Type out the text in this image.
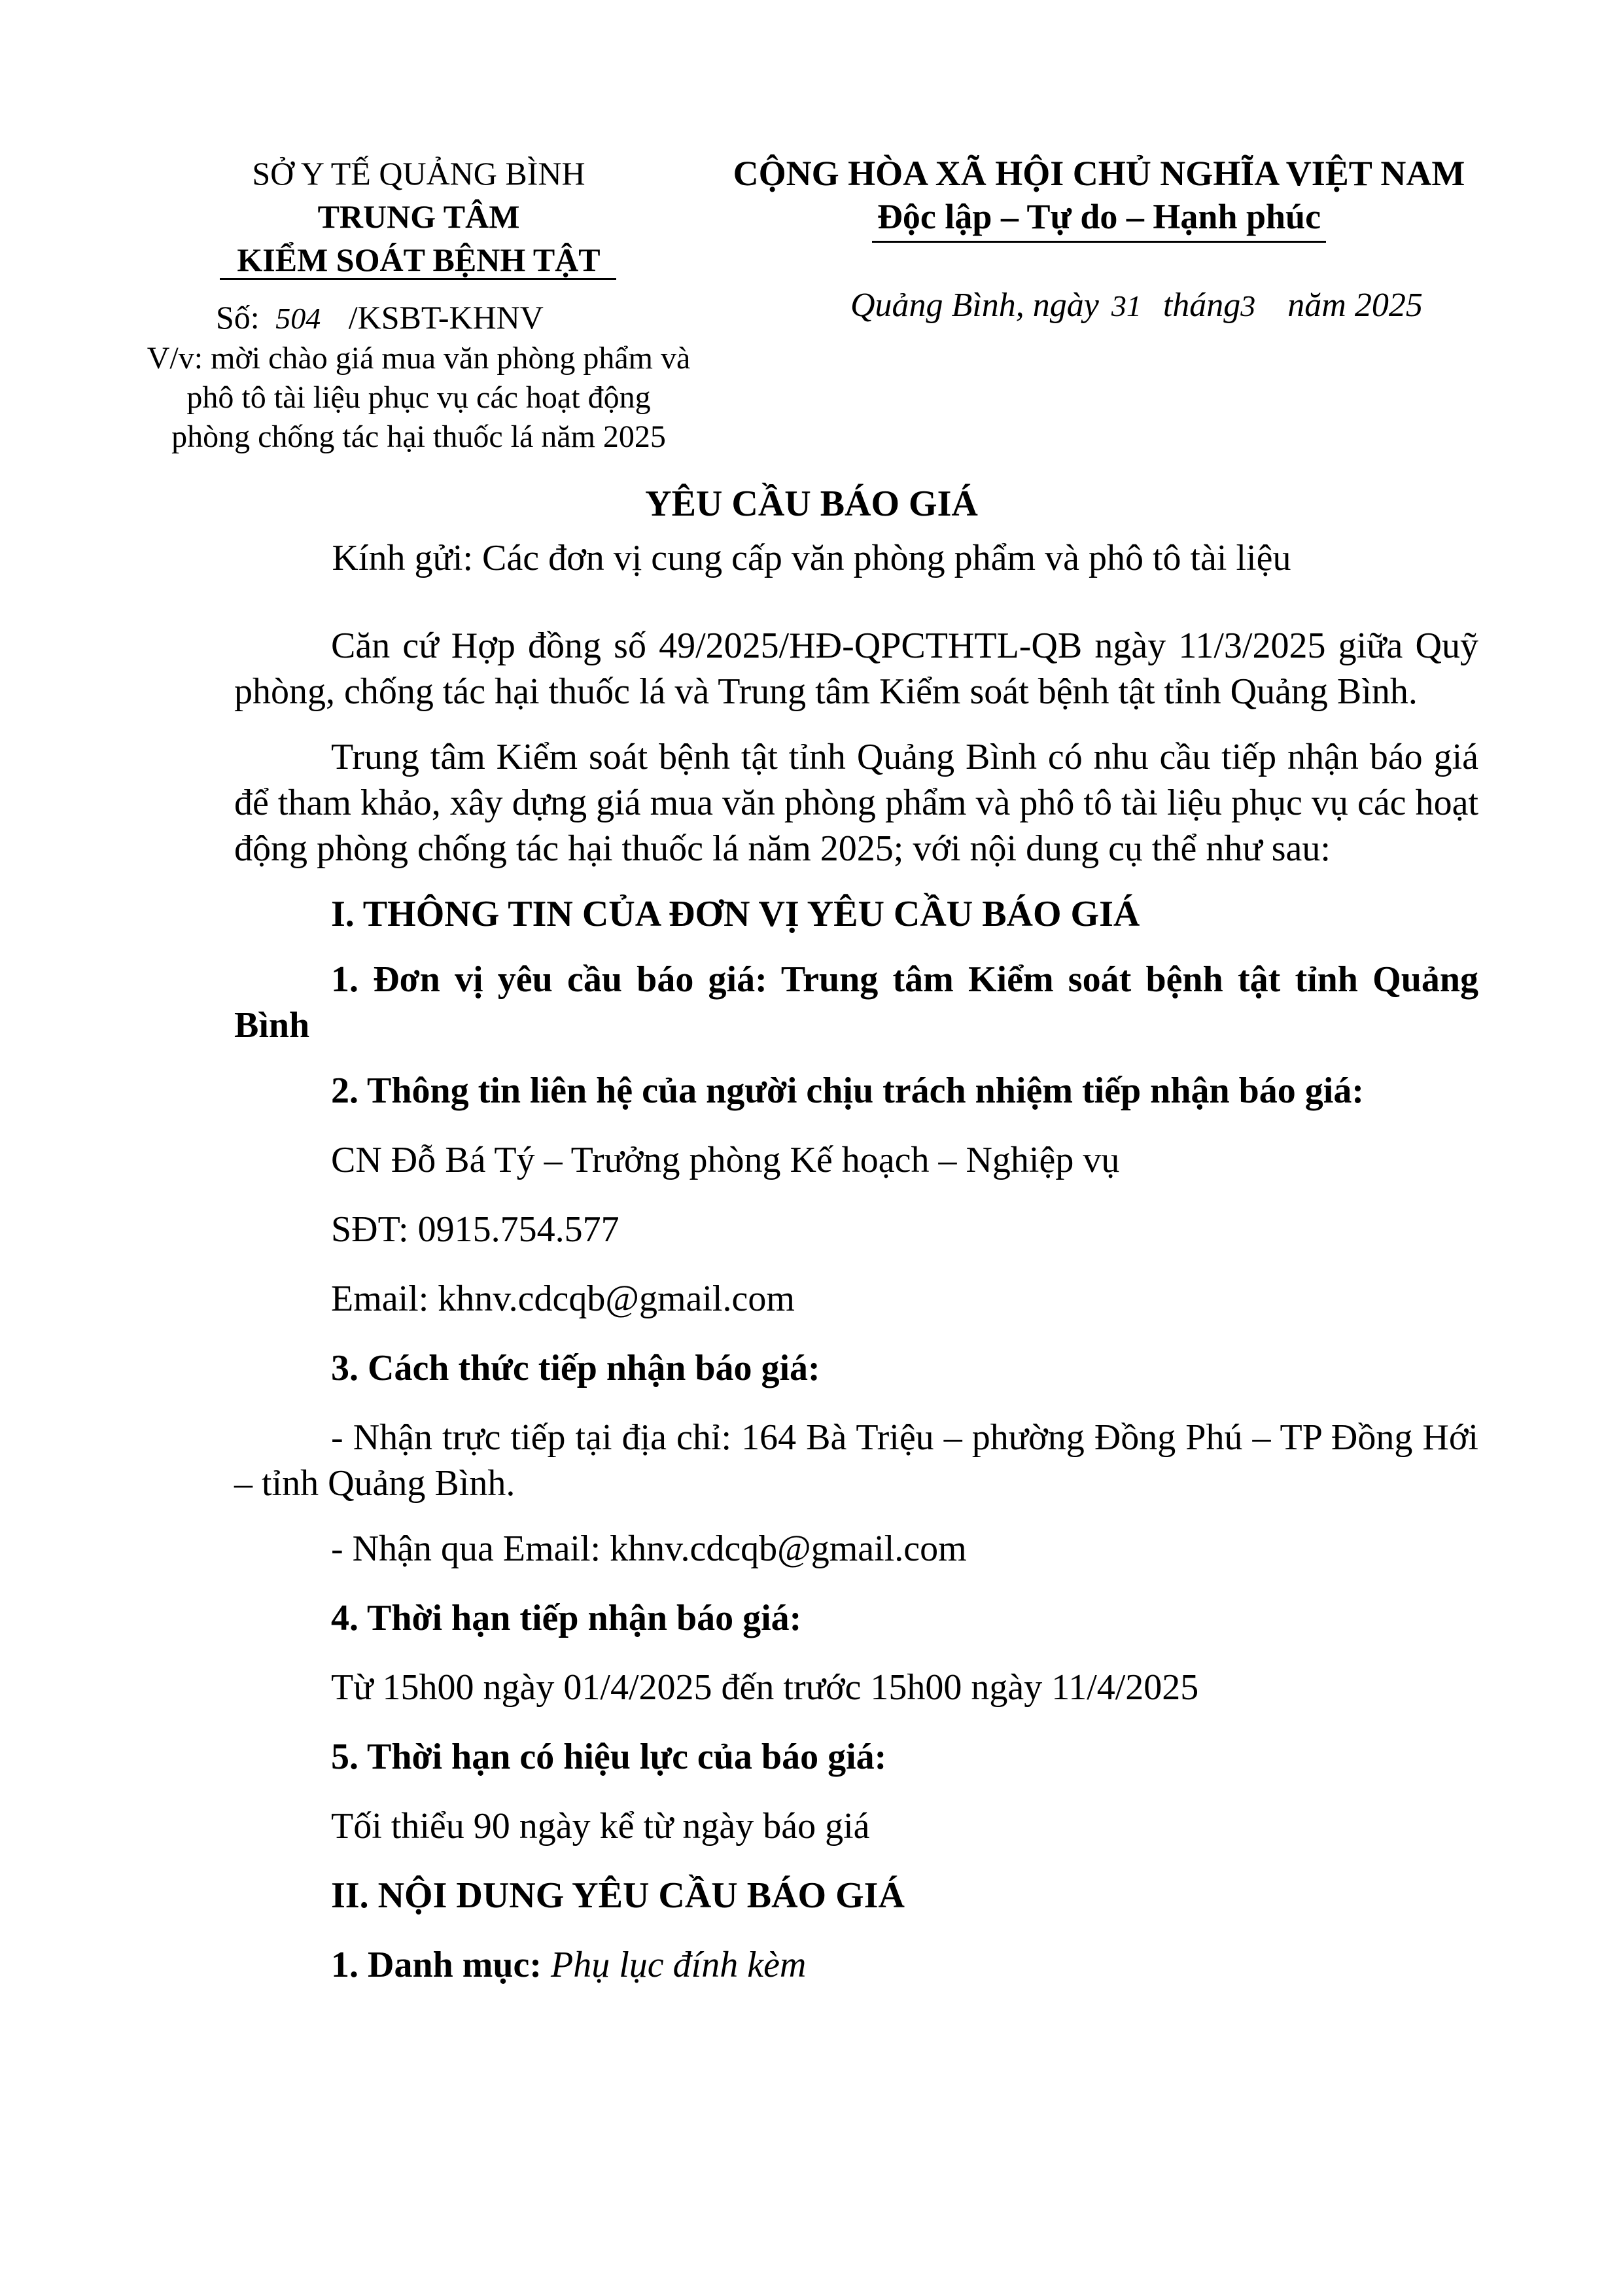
SỞ Y TẾ QUẢNG BÌNH
TRUNG TÂM
KIỂM SOÁT BỆNH TẬT
Số: 504 /KSBT-KHNV
V/v: mời chào giá mua văn phòng phẩm và
phô tô tài liệu phục vụ các hoạt động
phòng chống tác hại thuốc lá năm 2025
CỘNG HÒA XÃ HỘI CHỦ NGHĨA VIỆT NAM
Độc lập – Tự do – Hạnh phúc
Quảng Bình, ngày 31 tháng3 năm 2025
YÊU CẦU BÁO GIÁ
Kính gửi: Các đơn vị cung cấp văn phòng phẩm và phô tô tài liệu

Căn cứ Hợp đồng số 49/2025/HĐ-QPCTHTL-QB ngày 11/3/2025 giữa Quỹ phòng, chống tác hại thuốc lá và Trung tâm Kiểm soát bệnh tật tỉnh Quảng Bình.

Trung tâm Kiểm soát bệnh tật tỉnh Quảng Bình có nhu cầu tiếp nhận báo giá để tham khảo, xây dựng giá mua văn phòng phẩm và phô tô tài liệu phục vụ các hoạt động phòng chống tác hại thuốc lá năm 2025; với nội dung cụ thể như sau:

I. THÔNG TIN CỦA ĐƠN VỊ YÊU CẦU BÁO GIÁ

1. Đơn vị yêu cầu báo giá: Trung tâm Kiểm soát bệnh tật tỉnh Quảng Bình

2. Thông tin liên hệ của người chịu trách nhiệm tiếp nhận báo giá:

CN Đỗ Bá Tý – Trưởng phòng Kế hoạch – Nghiệp vụ

SĐT: 0915.754.577

Email: khnv.cdcqb@gmail.com

3. Cách thức tiếp nhận báo giá:

- Nhận trực tiếp tại địa chỉ: 164 Bà Triệu – phường Đồng Phú – TP Đồng Hới – tỉnh Quảng Bình.

- Nhận qua Email: khnv.cdcqb@gmail.com

4. Thời hạn tiếp nhận báo giá:

Từ 15h00 ngày 01/4/2025 đến trước 15h00 ngày 11/4/2025

5. Thời hạn có hiệu lực của báo giá:

Tối thiểu 90 ngày kể từ ngày báo giá

II. NỘI DUNG YÊU CẦU BÁO GIÁ

1. Danh mục: Phụ lục đính kèm
